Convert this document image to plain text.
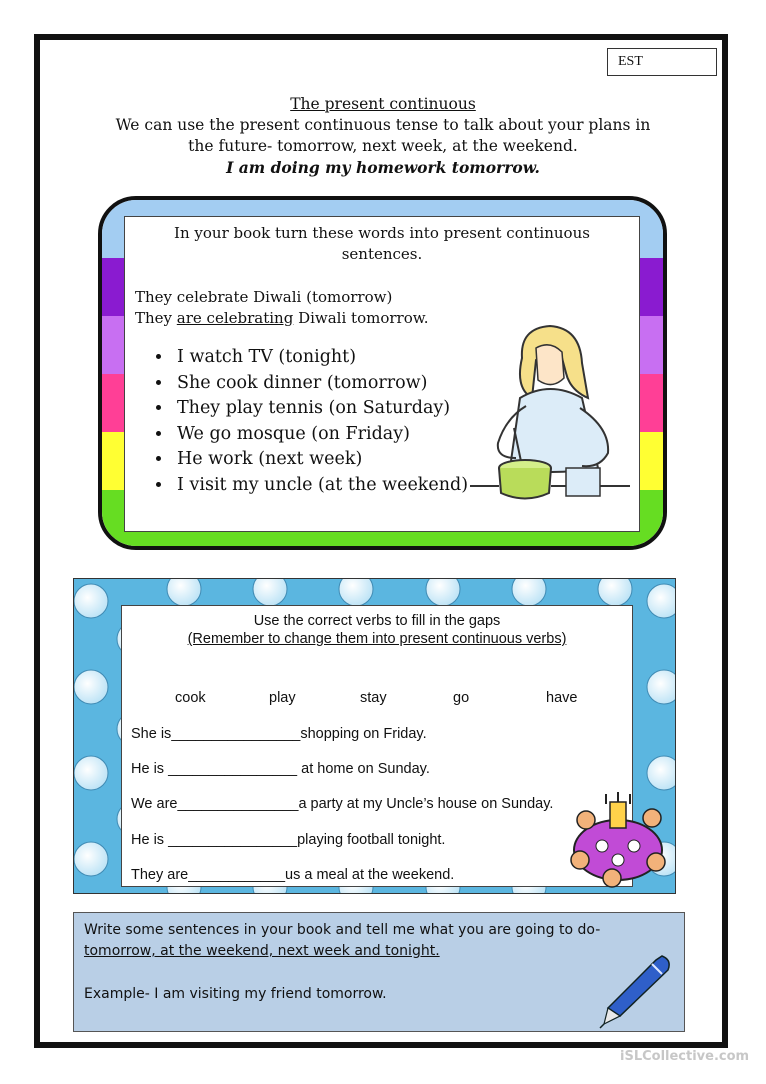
EST
The present continuous
We can use the present continuous tense to talk about your plans in
the future- tomorrow, next week, at the weekend.
I am doing my homework tomorrow.
In your book turn these words into present continuous
sentences.
They celebrate Diwali (tomorrow)
They are celebrating Diwali tomorrow.
• I watch TV (tonight)
• She cook dinner (tomorrow)
• They play tennis (on Saturday)
• We go mosque (on Friday)
• He work (next week)
• I visit my uncle (at the weekend)
Use the correct verbs to fill in the gaps
(Remember to change them into present continuous verbs)
cook	play	stay	go	have
She is________________shopping on Friday.
He is ________________ at home on Sunday.
We are_______________a party at my Uncle’s house on Sunday.
He is ________________playing football tonight.
They are____________us a meal at the weekend.
Write some sentences in your book and tell me what you are going to do-
tomorrow, at the weekend, next week and tonight.
Example- I am visiting my friend tomorrow.
iSLCollective.com
